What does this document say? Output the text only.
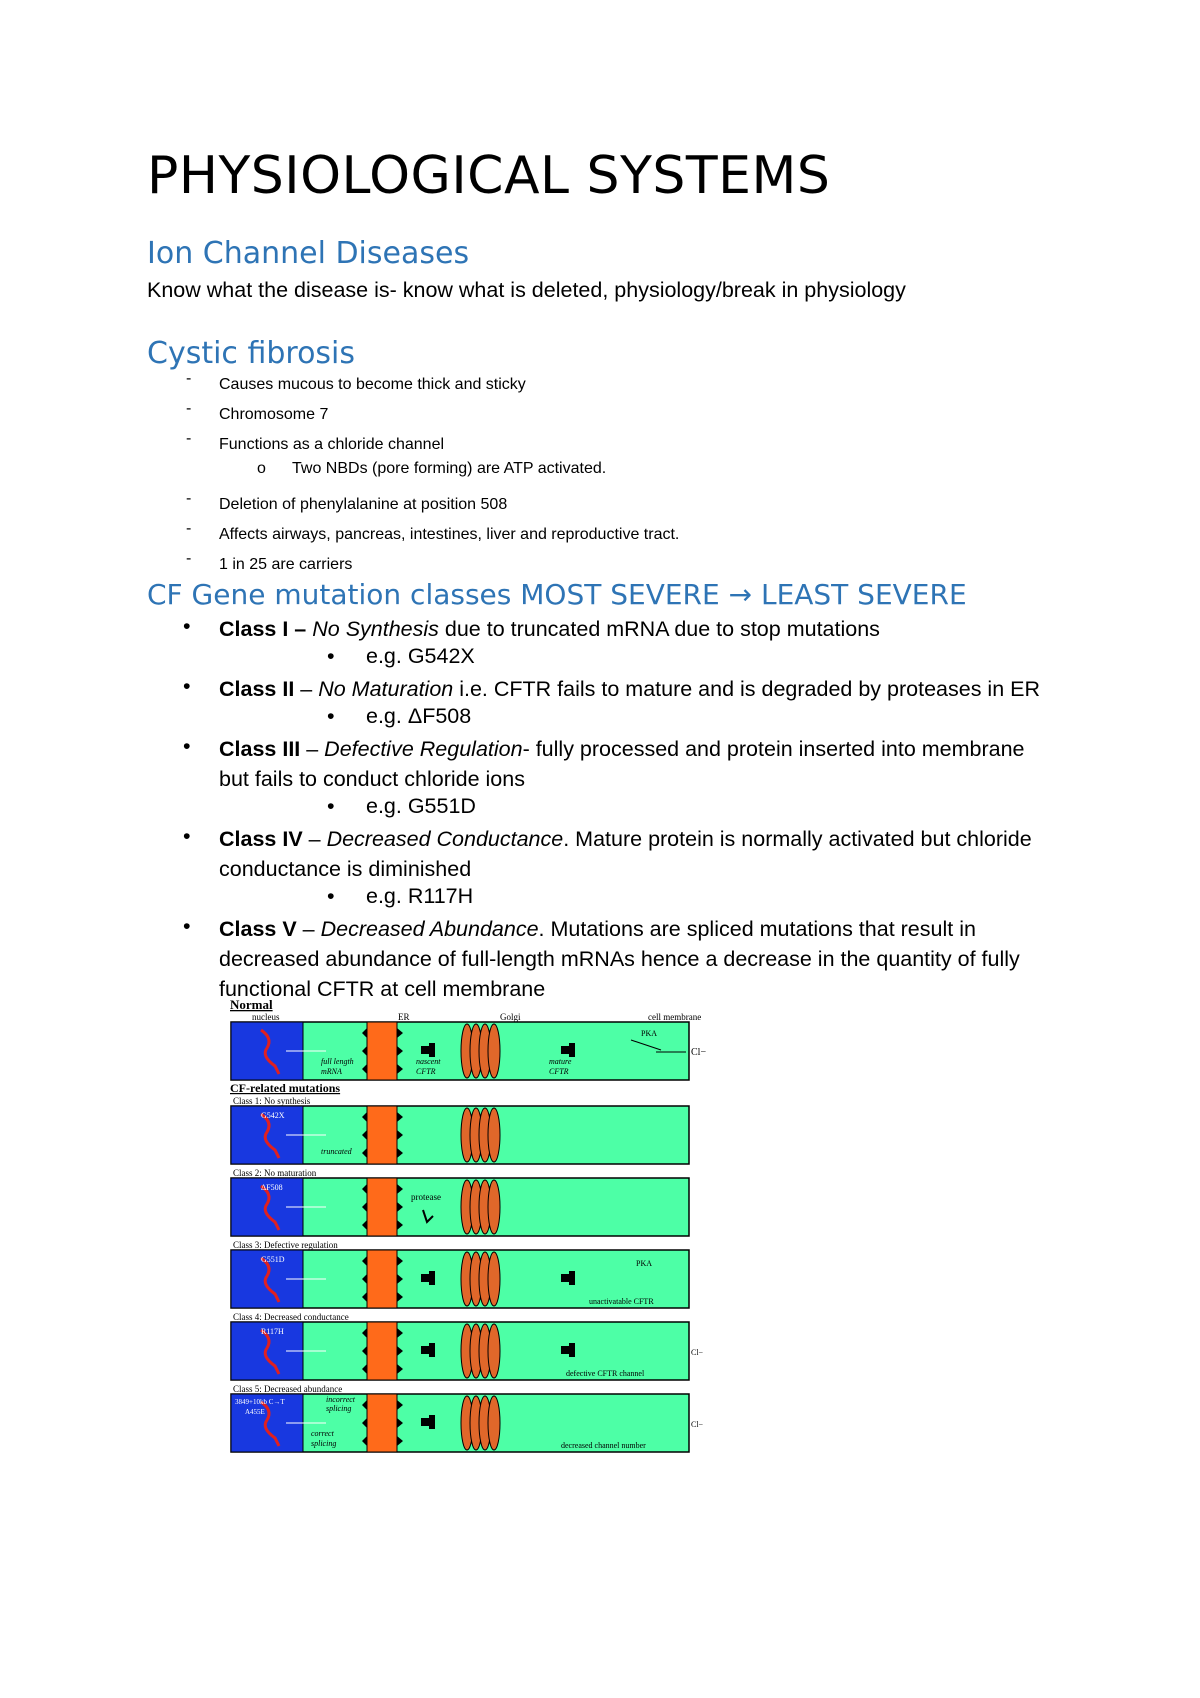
PHYSIOLOGICAL SYSTEMS
Ion Channel Diseases
Know what the disease is- know what is deleted, physiology/break in physiology
Cystic fibrosis
- Causes mucous to become thick and sticky
- Chromosome 7
- Functions as a chloride channel
o Two NBDs (pore forming) are ATP activated.
- Deletion of phenylalanine at position 508
- Affects airways, pancreas, intestines, liver and reproductive tract.
- 1 in 25 are carriers
CF Gene mutation classes MOST SEVERE → LEAST SEVERE
• Class I – No Synthesis due to truncated mRNA due to stop mutations
• e.g. G542X
• Class II – No Maturation i.e. CFTR fails to mature and is degraded by proteases in ER
• e.g. ΔF508
• Class III – Defective Regulation- fully processed and protein inserted into membrane but fails to conduct chloride ions
• e.g. G551D
• Class IV – Decreased Conductance. Mature protein is normally activated but chloride conductance is diminished
• e.g. R117H
• Class V – Decreased Abundance. Mutations are spliced mutations that result in decreased abundance of full-length mRNAs hence a decrease in the quantity of fully functional CFTR at cell membrane
Normal
nucleus	ER	Golgi	cell membrane
PKA
Cl−
full length
mRNA
nascent
CFTR
mature
CFTR
CF-related mutations
Class 1: No synthesis
G542X
truncated
Class 2: No maturation
ΔF508
protease
Class 3: Defective regulation
G551D	PKA
unactivatable CFTR
Class 4: Decreased conductance
R117H
Cl−
defective CFTR channel
Class 5: Decreased abundance
3849+10kb C→T
A455E
incorrect
splicing
correct
splicing
Cl−
decreased channel number
